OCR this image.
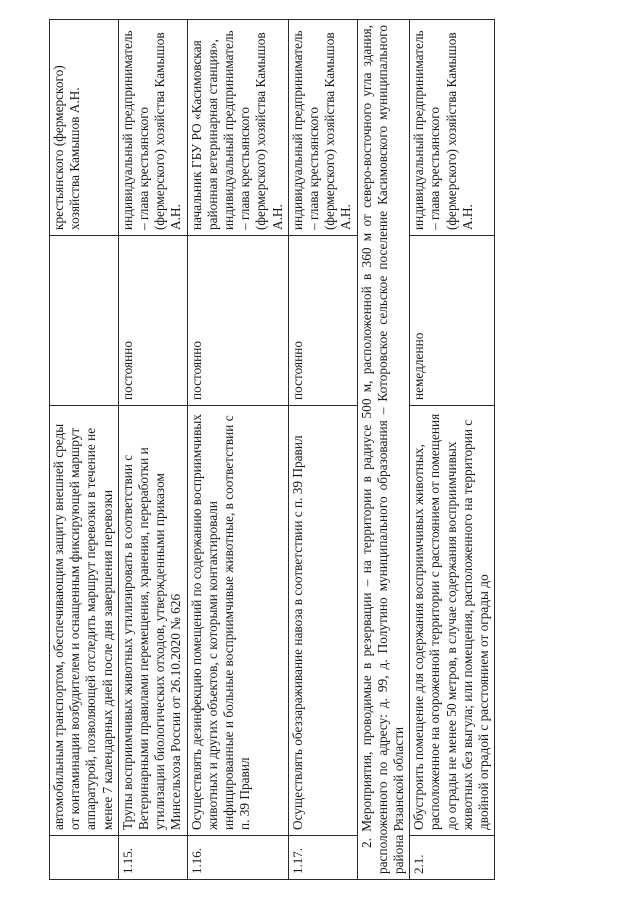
	автомобильным транспортом, обеспечивающим защиту внешней среды от контаминации возбудителем и оснащенным фиксирующей маршрут аппаратурой, позволяющей отследить маршрут перевозки в течение не менее 7 календарных дней после дня завершения перевозки		крестьянского (фермерского) хозяйства Камышов А.Н.
1.15.	Трупы восприимчивых животных утилизировать в соответствии с Ветеринарными правилами перемещения, хранения, переработки и утилизации биологических отходов, утвержденными приказом Минсельхоза России от 26.10.2020 № 626	постоянно	индивидуальный предприниматель – глава крестьянского (фермерского) хозяйства Камышов А.Н.
1.16.	Осуществлять дезинфекцию помещений по содержанию восприимчивых животных и других объектов, с которыми контактировали инфицированные и больные восприимчивые животные, в соответствии с п. 39 Правил	постоянно	начальник ГБУ РО «Касимовская районная ветеринарная станция», индивидуальный предприниматель – глава крестьянского (фермерского) хозяйства Камышов А.Н.
1.17.	Осуществлять обеззараживание навоза в соответствии с п. 39 Правил	постоянно	индивидуальный предприниматель – глава крестьянского (фермерского) хозяйства Камышов А.Н.
2. Мероприятия, проводимые в резервации – на территории в радиусе 500 м, расположенной в 360 м от северо-восточного угла здания, расположенного по адресу: д. 99, д. Полутино муниципального образования – Которовское сельское поселение Касимовского муниципального района Рязанской области			
2.1.	Обустроить помещение для содержания восприимчивых животных, расположенное на огороженной территории с расстоянием от помещения до ограды не менее 50 метров, в случае содержания восприимчивых животных без выгула; или помещения, расположенного на территории с двойной оградой с расстоянием от ограды до	немедленно	индивидуальный предприниматель – глава крестьянского (фермерского) хозяйства Камышов А.Н.
